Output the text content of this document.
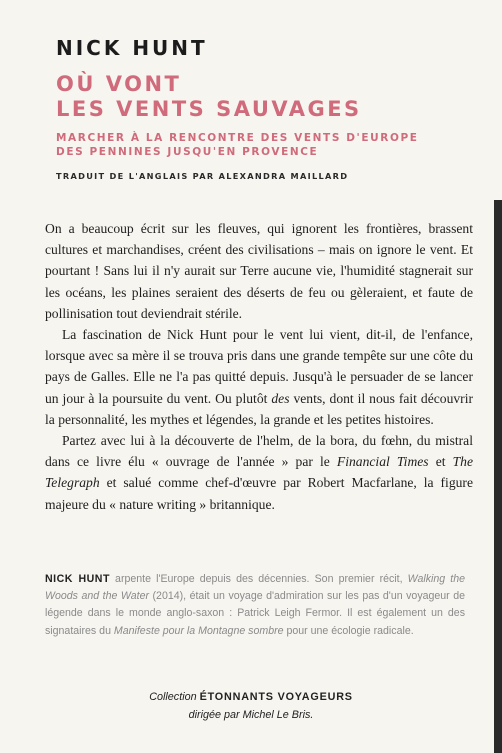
NICK HUNT
OÙ VONT
LES VENTS SAUVAGES
MARCHER À LA RENCONTRE DES VENTS D'EUROPE
DES PENNINES JUSQU'EN PROVENCE
TRADUIT DE L'ANGLAIS PAR ALEXANDRA MAILLARD

On a beaucoup écrit sur les fleuves, qui ignorent les frontières, brassent cultures et marchandises, créent des civilisations – mais on ignore le vent. Et pourtant ! Sans lui il n'y aurait sur Terre aucune vie, l'humidité stagnerait sur les océans, les plaines seraient des déserts de feu ou gèleraient, et faute de pollinisation tout deviendrait stérile.

La fascination de Nick Hunt pour le vent lui vient, dit-il, de l'enfance, lorsque avec sa mère il se trouva pris dans une grande tempête sur une côte du pays de Galles. Elle ne l'a pas quitté depuis. Jusqu'à le persuader de se lancer un jour à la poursuite du vent. Ou plutôt des vents, dont il nous fait découvrir la personnalité, les mythes et légendes, la grande et les petites histoires.

Partez avec lui à la découverte de l'helm, de la bora, du fœhn, du mistral dans ce livre élu « ouvrage de l'année » par le Financial Times et The Telegraph et salué comme chef-d'œuvre par Robert Macfarlane, la figure majeure du « nature writing » britannique.

NICK HUNT arpente l'Europe depuis des décennies. Son premier récit, Walking the Woods and the Water (2014), était un voyage d'admiration sur les pas d'un voyageur de légende dans le monde anglo-saxon : Patrick Leigh Fermor. Il est également un des signataires du Manifeste pour la Montagne sombre pour une écologie radicale.
Collection ÉTONNANTS VOYAGEURS
dirigée par Michel Le Bris.
